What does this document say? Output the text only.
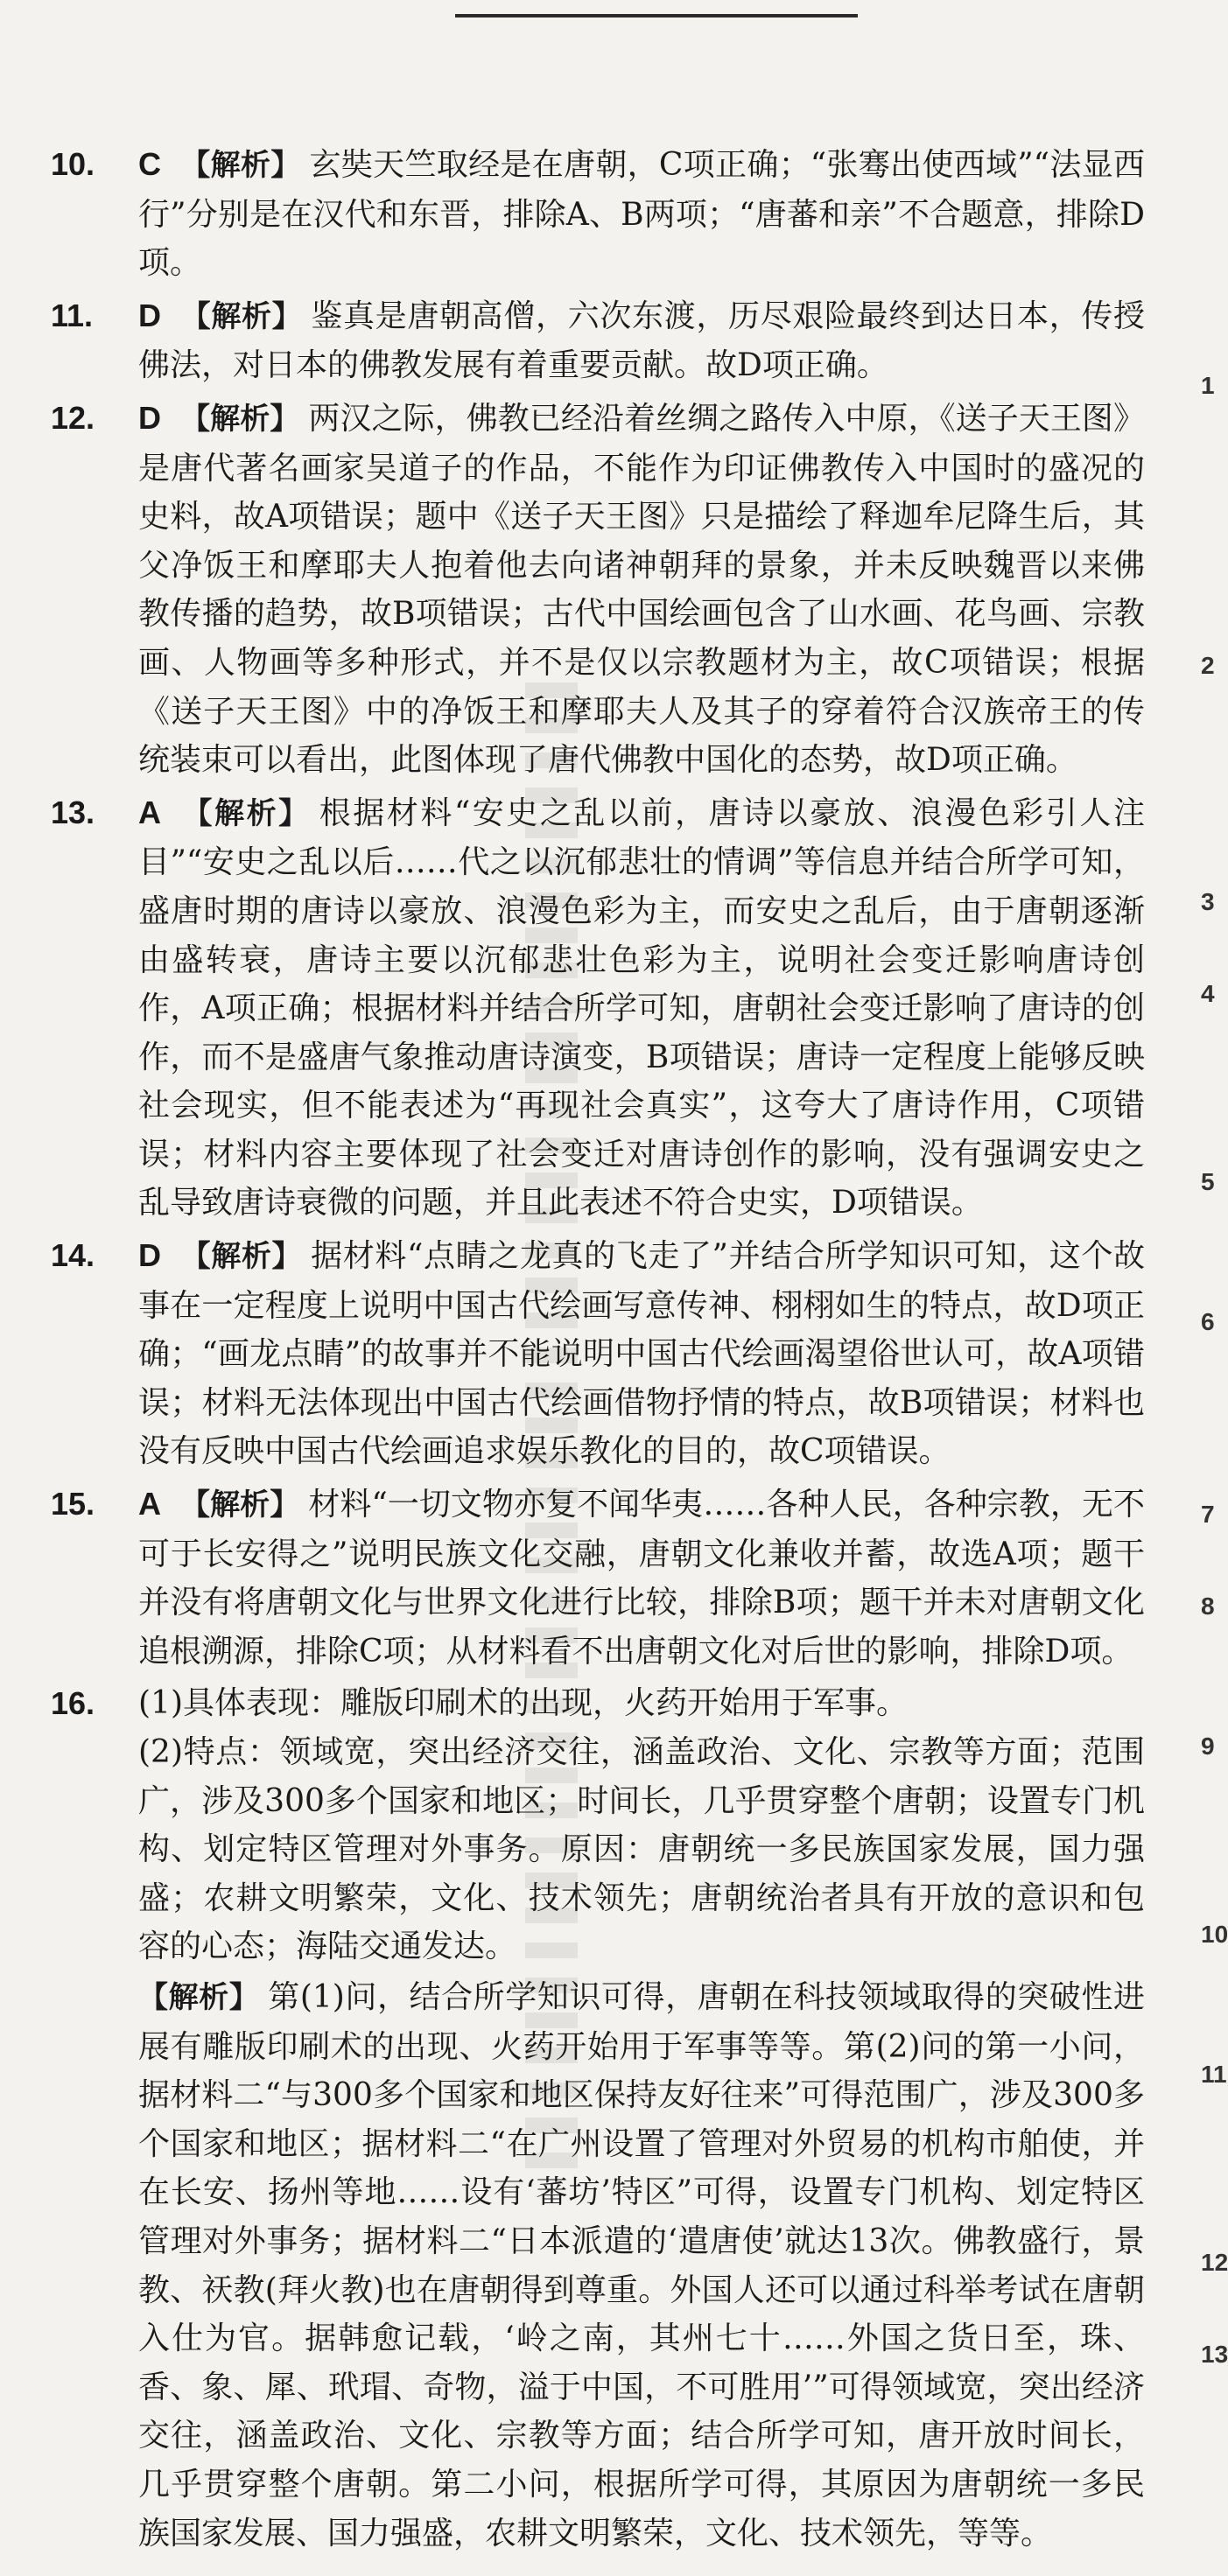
10.	C 【解析】 玄奘天竺取经是在唐朝，C项正确；“张骞出使西域”“法显西行”分别是在汉代和东晋，排除A、B两项；“唐蕃和亲”不合题意，排除D项。
11.	D 【解析】 鉴真是唐朝高僧，六次东渡，历尽艰险最终到达日本，传授佛法，对日本的佛教发展有着重要贡献。故D项正确。
12.	D 【解析】 两汉之际，佛教已经沿着丝绸之路传入中原，《送子天王图》是唐代著名画家吴道子的作品，不能作为印证佛教传入中国时的盛况的史料，故A项错误；题中《送子天王图》只是描绘了释迦牟尼降生后，其父净饭王和摩耶夫人抱着他去向诸神朝拜的景象，并未反映魏晋以来佛教传播的趋势，故B项错误；古代中国绘画包含了山水画、花鸟画、宗教画、人物画等多种形式，并不是仅以宗教题材为主，故C项错误；根据《送子天王图》中的净饭王和摩耶夫人及其子的穿着符合汉族帝王的传统装束可以看出，此图体现了唐代佛教中国化的态势，故D项正确。
13.	A 【解析】 根据材料“安史之乱以前，唐诗以豪放、浪漫色彩引人注目”“安史之乱以后……代之以沉郁悲壮的情调”等信息并结合所学可知，盛唐时期的唐诗以豪放、浪漫色彩为主，而安史之乱后，由于唐朝逐渐由盛转衰，唐诗主要以沉郁悲壮色彩为主，说明社会变迁影响唐诗创作，A项正确；根据材料并结合所学可知，唐朝社会变迁影响了唐诗的创作，而不是盛唐气象推动唐诗演变，B项错误；唐诗一定程度上能够反映社会现实，但不能表述为“再现社会真实”，这夸大了唐诗作用，C项错误；材料内容主要体现了社会变迁对唐诗创作的影响，没有强调安史之乱导致唐诗衰微的问题，并且此表述不符合史实，D项错误。
14.	D 【解析】 据材料“点睛之龙真的飞走了”并结合所学知识可知，这个故事在一定程度上说明中国古代绘画写意传神、栩栩如生的特点，故D项正确；“画龙点睛”的故事并不能说明中国古代绘画渴望俗世认可，故A项错误；材料无法体现出中国古代绘画借物抒情的特点，故B项错误；材料也没有反映中国古代绘画追求娱乐教化的目的，故C项错误。
15.	A 【解析】 材料“一切文物亦复不闻华夷……各种人民，各种宗教，无不可于长安得之”说明民族文化交融，唐朝文化兼收并蓄，故选A项；题干并没有将唐朝文化与世界文化进行比较，排除B项；题干并未对唐朝文化追根溯源，排除C项；从材料看不出唐朝文化对后世的影响，排除D项。
16.	(1)具体表现：雕版印刷术的出现，火药开始用于军事。
(2)特点：领域宽，突出经济交往，涵盖政治、文化、宗教等方面；范围广，涉及300多个国家和地区；时间长，几乎贯穿整个唐朝；设置专门机构、划定特区管理对外事务。原因：唐朝统一多民族国家发展，国力强盛；农耕文明繁荣，文化、技术领先；唐朝统治者具有开放的意识和包容的心态；海陆交通发达。
【解析】 第(1)问，结合所学知识可得，唐朝在科技领域取得的突破性进展有雕版印刷术的出现、火药开始用于军事等等。第(2)问的第一小问，据材料二“与300多个国家和地区保持友好往来”可得范围广，涉及300多个国家和地区；据材料二“在广州设置了管理对外贸易的机构市舶使，并在长安、扬州等地……设有‘蕃坊’特区”可得，设置专门机构、划定特区管理对外事务；据材料二“日本派遣的‘遣唐使’就达13次。佛教盛行，景教、祆教(拜火教)也在唐朝得到尊重。外国人还可以通过科举考试在唐朝入仕为官。据韩愈记载，‘岭之南，其州七十……外国之货日至，珠、香、象、犀、玳瑁、奇物，溢于中国，不可胜用’”可得领域宽，突出经济交往，涵盖政治、文化、宗教等方面；结合所学可知，唐开放时间长，几乎贯穿整个唐朝。第二小问，根据所学可得，其原因为唐朝统一多民族国家发展、国力强盛，农耕文明繁荣，文化、技术领先，等等。
1
2
3
4
5
6
7
8
9
10
11
12
13
